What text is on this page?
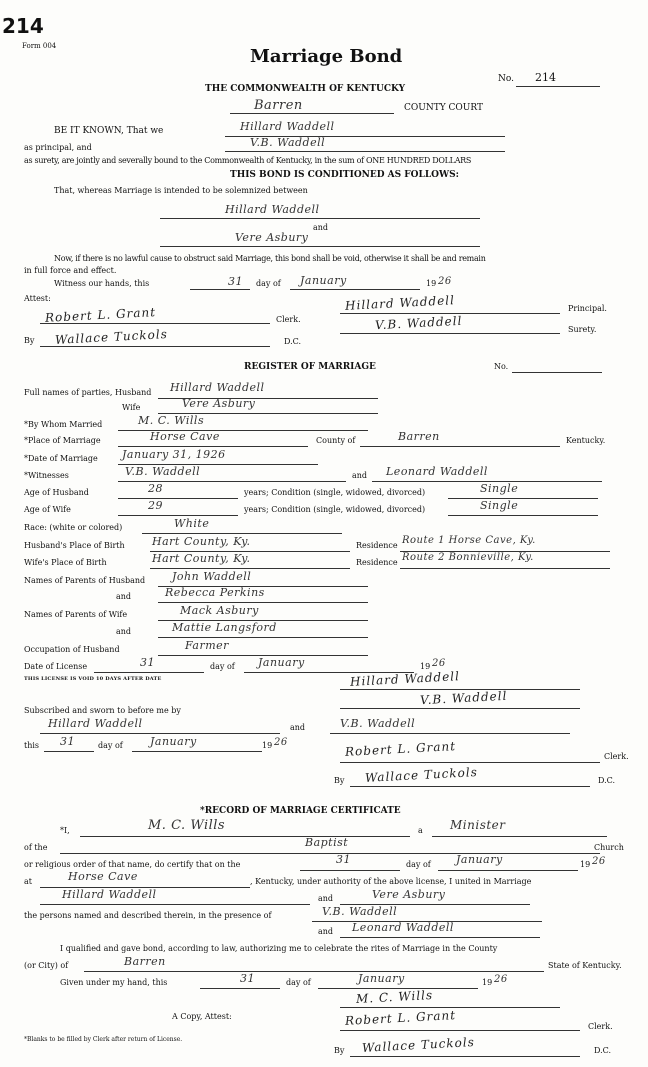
214
Form 004	Marriage Bond
THE COMMONWEALTH OF KENTUCKY
No. 214
Barren	COUNTY COURT
BE IT KNOWN, That we	Hillard Waddell
as principal, and	V.B. Waddell
as surety, are jointly and severally bound to the Commonwealth of Kentucky, in the sum of ONE HUNDRED DOLLARS
THIS BOND IS CONDITIONED AS FOLLOWS:
That, whereas Marriage is intended to be solemnized between
Hillard Waddell
and
Vere Asbury
Now, if there is no lawful cause to obstruct said Marriage, this bond shall be void, otherwise it shall be and remain
in full force and effect.
Witness our hands, this	31 day of January	19 26
Attest:	Hillard Waddell	Principal.
Robert L. Grant	Clerk.	V.B. Waddell	Surety.
By Wallace Tuckols	D.C.
REGISTER OF MARRIAGE	No.
Full names of parties, Husband Hillard Waddell
Wife	Vere Asbury
*By Whom Married	M. C. Wills
*Place of Marriage	Horse Cave	County of	Barren	Kentucky.
*Date of Marriage January 31, 1926
*Witnesses	V.B. Waddell	and Leonard Waddell
Age of Husband	28	years; Condition (single, widowed, divorced)	Single
Age of Wife	29	years; Condition (single, widowed, divorced)	Single
Race: (white or colored)	White
Husband's Place of Birth Hart County, Ky.	Residence Route 1 Horse Cave, Ky.
Wife's Place of Birth	Hart County, Ky.	Residence Route 2 Bonnieville, Ky.
Names of Parents of Husband John Waddell
and	Rebecca Perkins
Names of Parents of Wife	Mack Asbury
and	Mattie Langsford
Occupation of Husband	Farmer
Date of License	31	day of January	19 26
THIS LICENSE IS VOID 10 DAYS AFTER DATE	Hillard Waddell
V.B. Waddell
Subscribed and sworn to before me by
Hillard Waddell	and	V.B. Waddell
this 31	day of January	19 26	Robert L. Grant	Clerk.
By Wallace Tuckols	D.C.
*RECORD OF MARRIAGE CERTIFICATE
*I,	M. C. Wills	a Minister
of the	Baptist	Church
or religious order of that name, do certify that on the	31	day of January	19 26
at	Horse Cave	, Kentucky, under authority of the above license, I united in Marriage
Hillard Waddell	and	Vere Asbury
the persons named and described therein, in the presence of	V.B. Waddell
and Leonard Waddell
I qualified and gave bond, according to law, authorizing me to celebrate the rites of Marriage in the County
(or City) of	Barren	State of Kentucky.
Given under my hand, this	31	day of	January	19 26
M. C. Wills
A Copy, Attest:	Robert L. Grant	Clerk.
*Blanks to be filled by Clerk after return of License.
By Wallace Tuckols	D.C.
